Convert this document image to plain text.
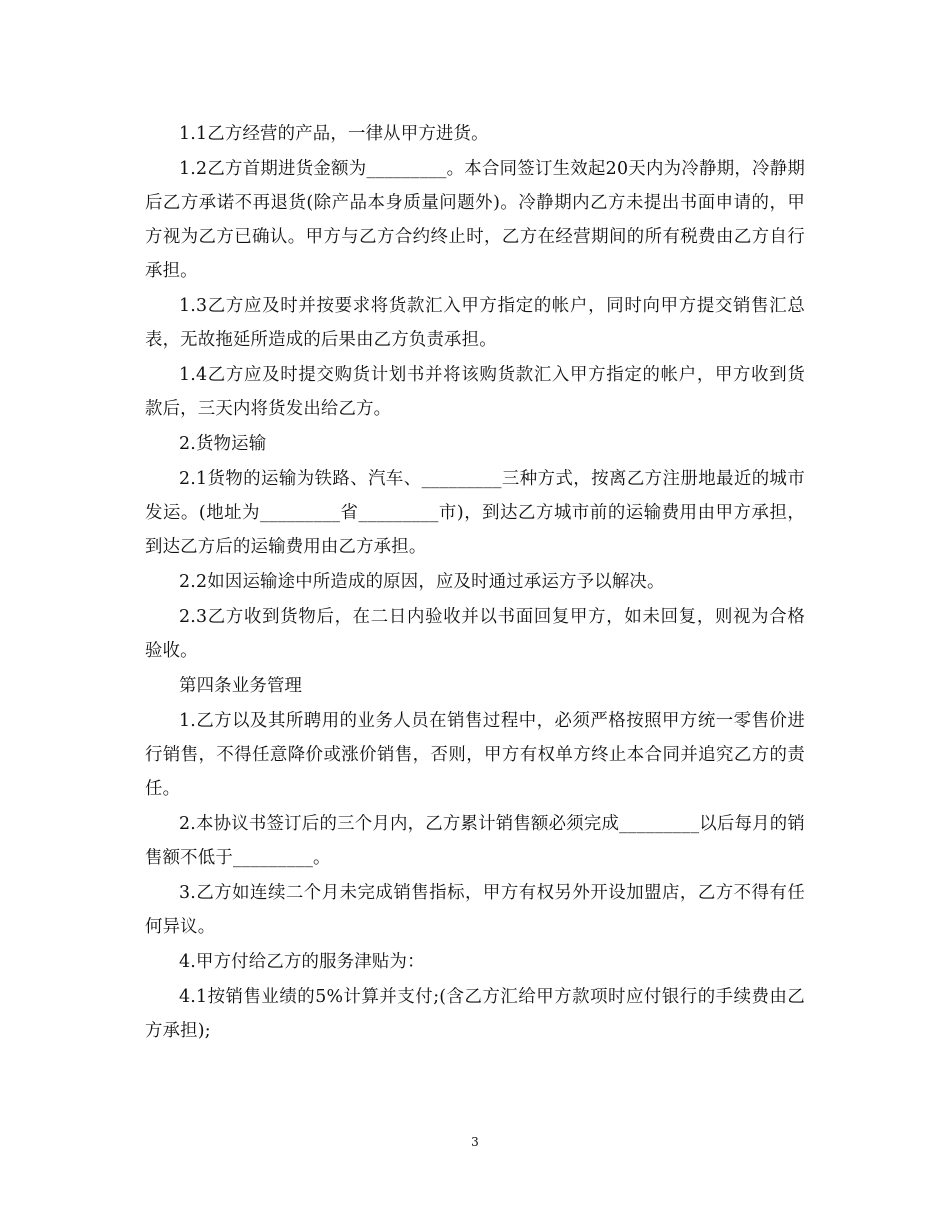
1.1乙方经营的产品，一律从甲方进货。

1.2乙方首期进货金额为_________。本合同签订生效起20天内为冷静期，冷静期后乙方承诺不再退货(除产品本身质量问题外)。冷静期内乙方未提出书面申请的，甲方视为乙方已确认。甲方与乙方合约终止时，乙方在经营期间的所有税费由乙方自行承担。

1.3乙方应及时并按要求将货款汇入甲方指定的帐户，同时向甲方提交销售汇总表，无故拖延所造成的后果由乙方负责承担。

1.4乙方应及时提交购货计划书并将该购货款汇入甲方指定的帐户，甲方收到货款后，三天内将货发出给乙方。

2.货物运输

2.1货物的运输为铁路、汽车、_________三种方式，按离乙方注册地最近的城市发运。(地址为_________省_________市)，到达乙方城市前的运输费用由甲方承担，到达乙方后的运输费用由乙方承担。

2.2如因运输途中所造成的原因，应及时通过承运方予以解决。

2.3乙方收到货物后，在二日内验收并以书面回复甲方，如未回复，则视为合格验收。

第四条业务管理

1.乙方以及其所聘用的业务人员在销售过程中，必须严格按照甲方统一零售价进行销售，不得任意降价或涨价销售，否则，甲方有权单方终止本合同并追究乙方的责任。

2.本协议书签订后的三个月内，乙方累计销售额必须完成_________以后每月的销售额不低于_________。

3.乙方如连续二个月未完成销售指标，甲方有权另外开设加盟店，乙方不得有任何异议。

4.甲方付给乙方的服务津贴为：

4.1按销售业绩的5%计算并支付;(含乙方汇给甲方款项时应付银行的手续费由乙方承担);

3
